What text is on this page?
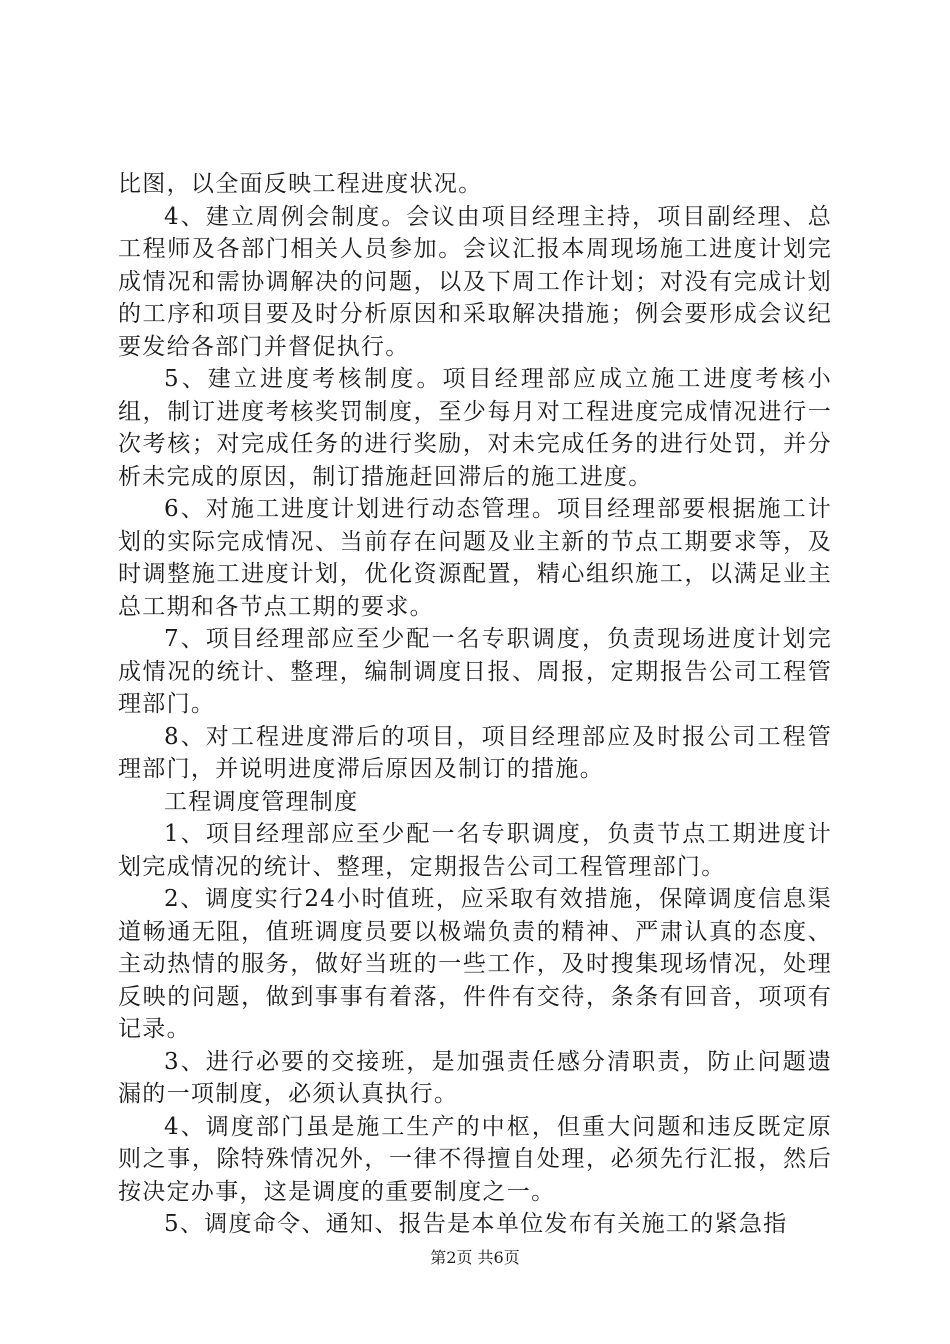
比图，以全面反映工程进度状况。

4、建立周例会制度。会议由项目经理主持，项目副经理、总工程师及各部门相关人员参加。会议汇报本周现场施工进度计划完成情况和需协调解决的问题，以及下周工作计划；对没有完成计划的工序和项目要及时分析原因和采取解决措施；例会要形成会议纪要发给各部门并督促执行。

5、建立进度考核制度。项目经理部应成立施工进度考核小组，制订进度考核奖罚制度，至少每月对工程进度完成情况进行一次考核；对完成任务的进行奖励，对未完成任务的进行处罚，并分析未完成的原因，制订措施赶回滞后的施工进度。

6、对施工进度计划进行动态管理。项目经理部要根据施工计划的实际完成情况、当前存在问题及业主新的节点工期要求等，及时调整施工进度计划，优化资源配置，精心组织施工，以满足业主总工期和各节点工期的要求。

7、项目经理部应至少配一名专职调度，负责现场进度计划完成情况的统计、整理，编制调度日报、周报，定期报告公司工程管理部门。

8、对工程进度滞后的项目，项目经理部应及时报公司工程管理部门，并说明进度滞后原因及制订的措施。

工程调度管理制度

1、项目经理部应至少配一名专职调度，负责节点工期进度计划完成情况的统计、整理，定期报告公司工程管理部门。

2、调度实行24小时值班，应采取有效措施，保障调度信息渠道畅通无阻，值班调度员要以极端负责的精神、严肃认真的态度、主动热情的服务，做好当班的一些工作，及时搜集现场情况，处理反映的问题，做到事事有着落，件件有交待，条条有回音，项项有记录。

3、进行必要的交接班，是加强责任感分清职责，防止问题遗漏的一项制度，必须认真执行。

4、调度部门虽是施工生产的中枢，但重大问题和违反既定原则之事，除特殊情况外，一律不得擅自处理，必须先行汇报，然后按决定办事，这是调度的重要制度之一。

5、调度命令、通知、报告是本单位发布有关施工的紧急指

第2页 共6页
